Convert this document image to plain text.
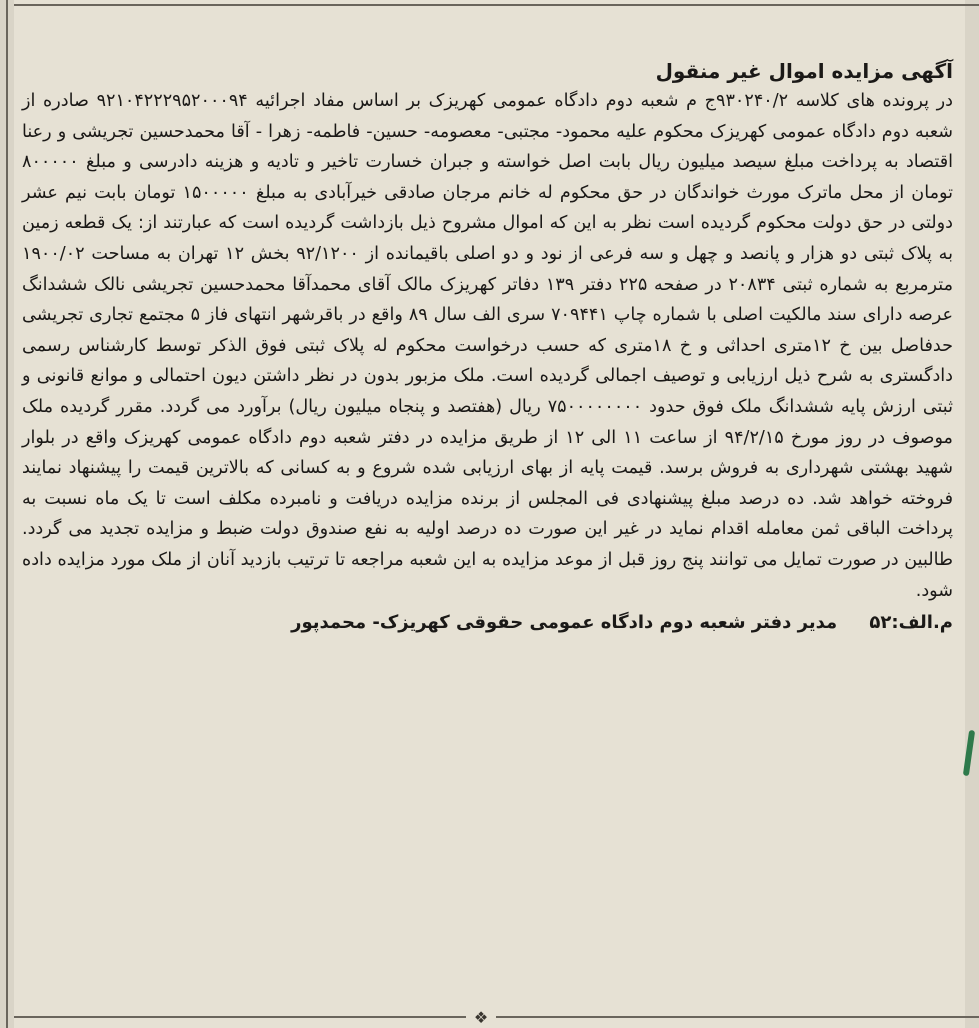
آگهی مزایده اموال غیر منقول

در پرونده های کلاسه ۹۳۰۲۴۰/۲ج م شعبه دوم دادگاه عمومی کهریزک بر اساس مفاد اجرائیه ۹۲۱۰۴۲۲۲۹۵۲۰۰۰۹۴ صادره از شعبه دوم دادگاه عمومی کهریزک محکوم علیه محمود- مجتبی- معصومه- حسین- فاطمه- زهرا - آقا محمدحسین تجریشی و رعنا اقتصاد به پرداخت مبلغ سیصد میلیون ریال بابت اصل خواسته و جبران خسارت تاخیر و تادیه و هزینه دادرسی و مبلغ ۸۰۰۰۰۰ تومان از محل ماترک مورث خواندگان در حق محکوم له خانم مرجان صادقی خیرآبادی به مبلغ ۱۵۰۰۰۰۰ تومان بابت نیم عشر دولتی در حق دولت محکوم گردیده است نظر به این که اموال مشروح ذیل بازداشت گردیده است که عبارتند از: یک قطعه زمین به پلاک ثبتی دو هزار و پانصد و چهل و سه فرعی از نود و دو اصلی باقیمانده از ۹۲/۱۲۰۰ بخش ۱۲ تهران به مساحت ۱۹۰۰/۰۲ مترمربع به شماره ثبتی ۲۰۸۳۴ در صفحه ۲۲۵ دفتر ۱۳۹ دفاتر کهریزک مالک آقای محمدآقا محمدحسین تجریشی نالک ششدانگ عرصه دارای سند مالکیت اصلی با شماره چاپ ۷۰۹۴۴۱ سری الف سال ۸۹ واقع در باقرشهر انتهای فاز ۵ مجتمع تجاری تجریشی حدفاصل بین خ ۱۲متری احداثی و خ ۱۸متری که حسب درخواست محکوم له پلاک ثبتی فوق الذکر توسط کارشناس رسمی دادگستری به شرح ذیل ارزیابی و توصیف اجمالی گردیده است. ملک مزبور بدون در نظر داشتن دیون احتمالی و موانع قانونی و ثبتی ارزش پایه ششدانگ ملک فوق حدود ۷۵۰۰۰۰۰۰۰۰ ریال (هفتصد و پنجاه میلیون ریال) برآورد می گردد. مقرر گردیده ملک موصوف در روز مورخ ۹۴/۲/۱۵ از ساعت ۱۱ الی ۱۲ از طریق مزایده در دفتر شعبه دوم دادگاه عمومی کهریزک واقع در بلوار شهید بهشتی شهرداری به فروش برسد. قیمت پایه از بهای ارزیابی شده شروع و به کسانی که بالاترین قیمت را پیشنهاد نمایند فروخته خواهد شد. ده درصد مبلغ پیشنهادی فی المجلس از برنده مزایده دریافت و نامبرده مکلف است تا یک ماه نسبت به پرداخت الباقی ثمن معامله اقدام نماید در غیر این صورت ده درصد اولیه به نفع صندوق دولت ضبط و مزایده تجدید می گردد. طالبین در صورت تمایل می توانند پنج روز قبل از موعد مزایده به این شعبه مراجعه تا ترتیب بازدید آنان از ملک مورد مزایده داده شود.

م.الف:۵۲ مدیر دفتر شعبه دوم دادگاه عمومی حقوقی کهریزک- محمدپور
❖
